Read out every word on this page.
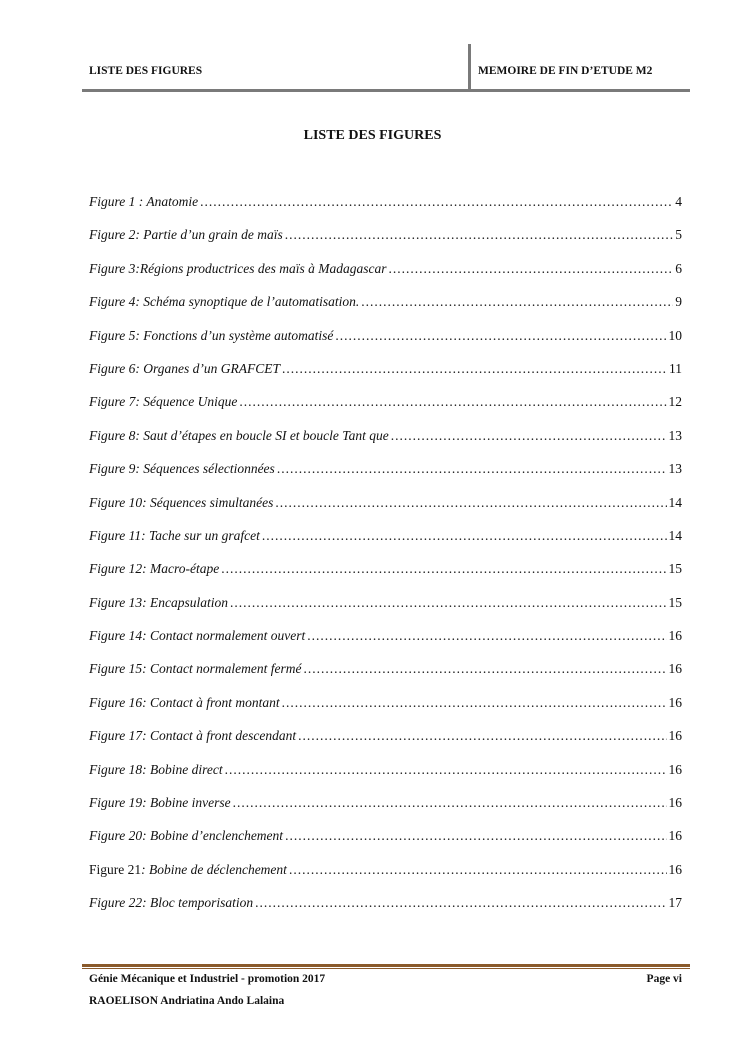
LISTE DES FIGURES	MEMOIRE DE FIN D’ETUDE M2
LISTE DES FIGURES
Figure 1 : Anatomie .....	4
Figure 2: Partie d’un grain de maïs .....	5
Figure 3:Régions productrices des maïs à Madagascar .....	6
Figure 4: Schéma synoptique de l’automatisation. .....	9
Figure 5: Fonctions d’un système automatisé .....	10
Figure 6: Organes d’un GRAFCET .....	11
Figure 7: Séquence Unique .....	12
Figure 8: Saut d’étapes en boucle SI et boucle Tant que .....	13
Figure 9: Séquences sélectionnées .....	13
Figure 10: Séquences simultanées .....	14
Figure 11: Tache sur un grafcet .....	14
Figure 12: Macro-étape .....	15
Figure 13: Encapsulation .....	15
Figure 14: Contact normalement ouvert .....	16
Figure 15: Contact normalement fermé .....	16
Figure 16: Contact à front montant .....	16
Figure 17: Contact à front descendant .....	16
Figure 18: Bobine direct .....	16
Figure 19: Bobine inverse .....	16
Figure 20: Bobine d’enclenchement .....	16
Figure 21: Bobine de déclenchement .....	16
Figure 22: Bloc temporisation .....	17
Génie Mécanique et Industriel - promotion 2017	Page vi
RAOELISON Andriatina Ando Lalaina
